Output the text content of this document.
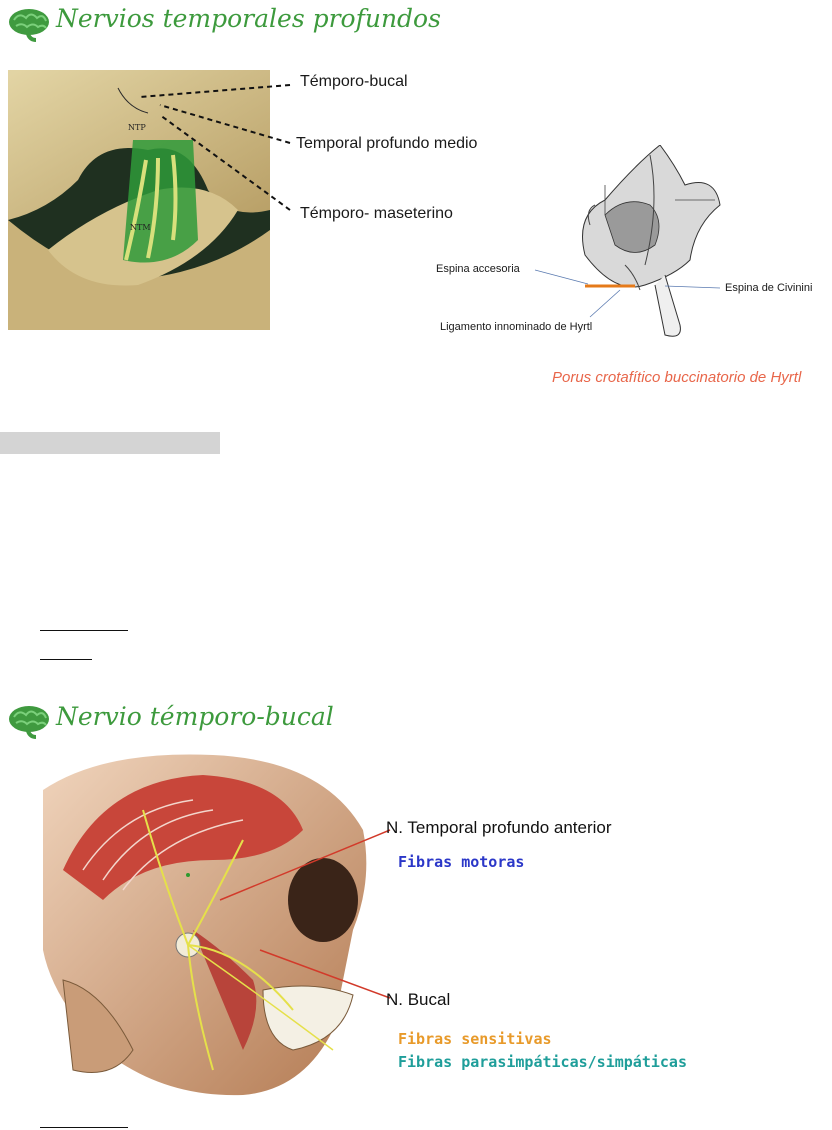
Nervios temporales profundos
NTP
NTM
Témporo-bucal
Temporal profundo medio
Témporo- maseterino
Espina accesoria
Espina de Civinini
Ligamento innominado de Hyrtl
Porus crotafítico buccinatorio de Hyrtl
Nervio témporo-bucal
N. Temporal profundo anterior
Fibras motoras
N. Bucal
Fibras sensitivas
Fibras parasimpáticas/simpáticas
